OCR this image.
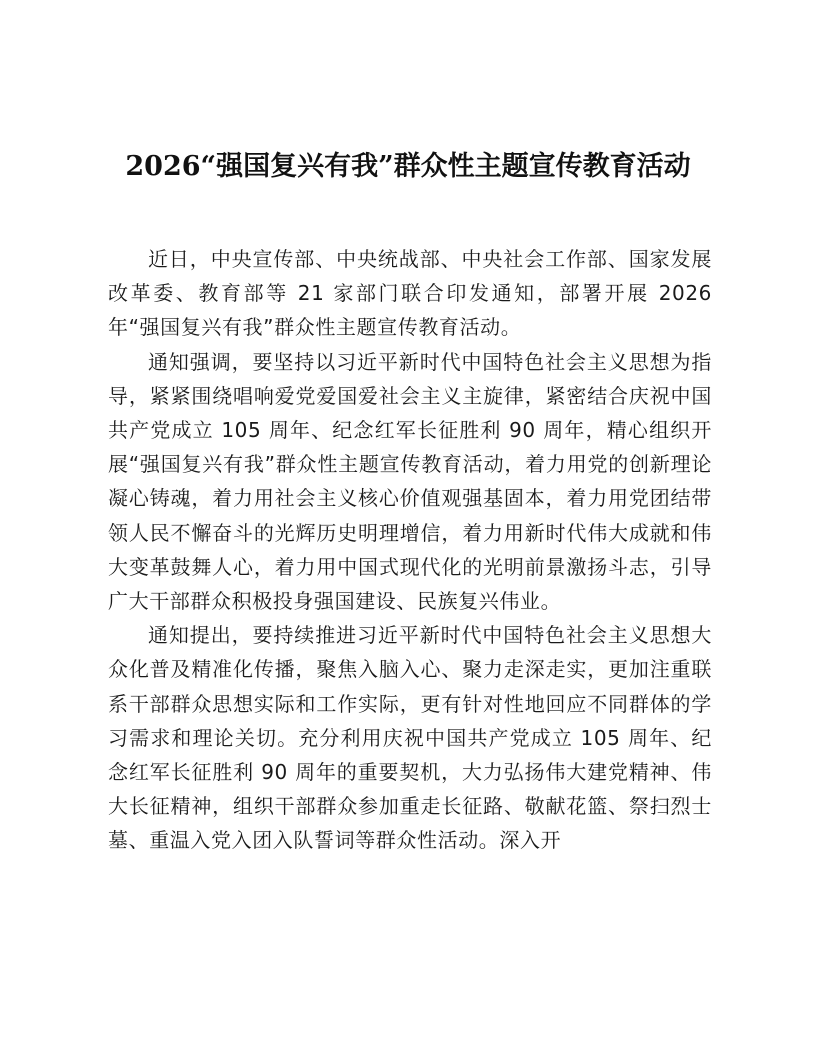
2026“强国复兴有我”群众性主题宣传教育活动

近日，中央宣传部、中央统战部、中央社会工作部、国家发展改革委、教育部等 21 家部门联合印发通知，部署开展 2026 年“强国复兴有我”群众性主题宣传教育活动。

通知强调，要坚持以习近平新时代中国特色社会主义思想为指导，紧紧围绕唱响爱党爱国爱社会主义主旋律，紧密结合庆祝中国共产党成立 105 周年、纪念红军长征胜利 90 周年，精心组织开展“强国复兴有我”群众性主题宣传教育活动，着力用党的创新理论凝心铸魂，着力用社会主义核心价值观强基固本，着力用党团结带领人民不懈奋斗的光辉历史明理增信，着力用新时代伟大成就和伟大变革鼓舞人心，着力用中国式现代化的光明前景激扬斗志，引导广大干部群众积极投身强国建设、民族复兴伟业。

通知提出，要持续推进习近平新时代中国特色社会主义思想大众化普及精准化传播，聚焦入脑入心、聚力走深走实，更加注重联系干部群众思想实际和工作实际，更有针对性地回应不同群体的学习需求和理论关切。充分利用庆祝中国共产党成立 105 周年、纪念红军长征胜利 90 周年的重要契机，大力弘扬伟大建党精神、伟大长征精神，组织干部群众参加重走长征路、敬献花篮、祭扫烈士墓、重温入党入团入队誓词等群众性活动。深入开
